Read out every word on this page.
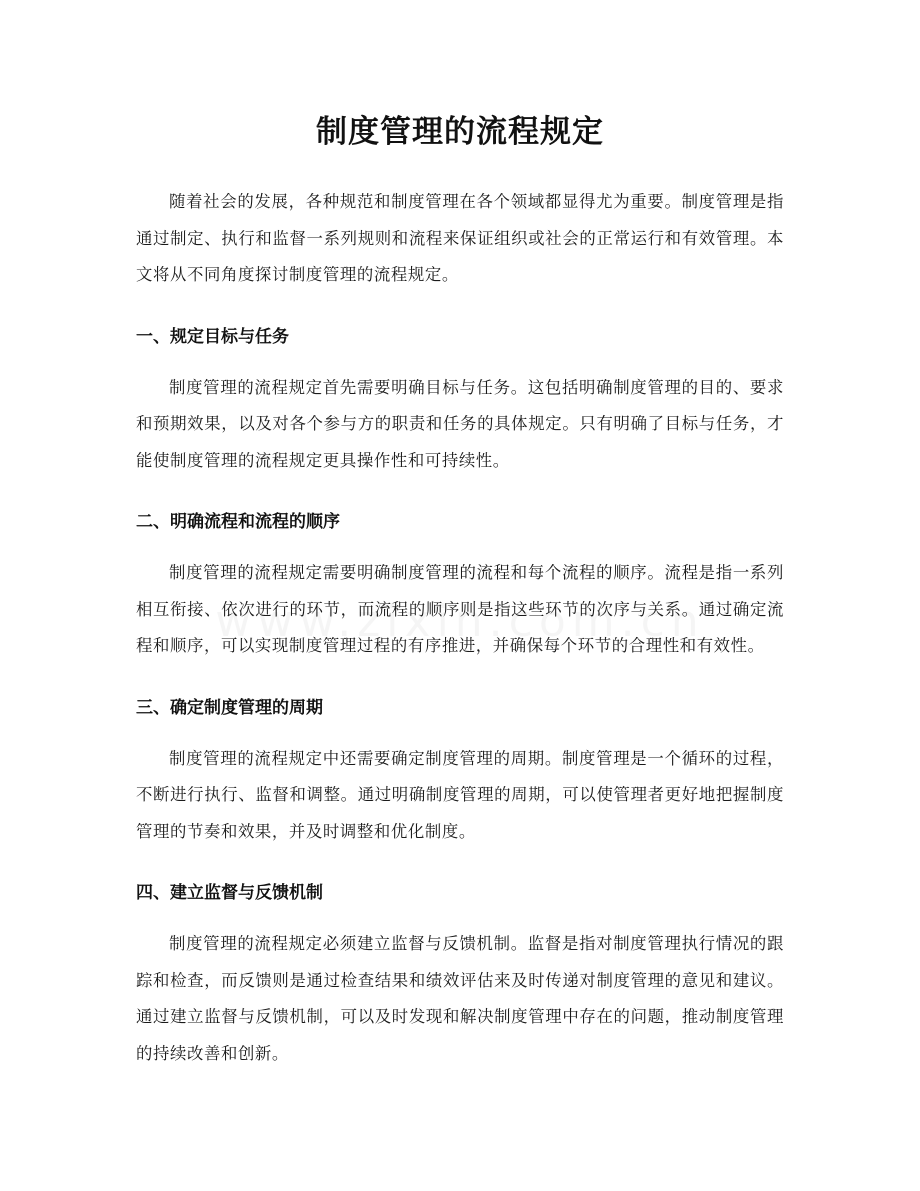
制度管理的流程规定

随着社会的发展，各种规范和制度管理在各个领域都显得尤为重要。制度管理是指通过制定、执行和监督一系列规则和流程来保证组织或社会的正常运行和有效管理。本文将从不同角度探讨制度管理的流程规定。

一、规定目标与任务

制度管理的流程规定首先需要明确目标与任务。这包括明确制度管理的目的、要求和预期效果，以及对各个参与方的职责和任务的具体规定。只有明确了目标与任务，才能使制度管理的流程规定更具操作性和可持续性。

二、明确流程和流程的顺序

制度管理的流程规定需要明确制度管理的流程和每个流程的顺序。流程是指一系列相互衔接、依次进行的环节，而流程的顺序则是指这些环节的次序与关系。通过确定流程和顺序，可以实现制度管理过程的有序推进，并确保每个环节的合理性和有效性。

三、确定制度管理的周期

制度管理的流程规定中还需要确定制度管理的周期。制度管理是一个循环的过程，不断进行执行、监督和调整。通过明确制度管理的周期，可以使管理者更好地把握制度管理的节奏和效果，并及时调整和优化制度。

四、建立监督与反馈机制

制度管理的流程规定必须建立监督与反馈机制。监督是指对制度管理执行情况的跟踪和检查，而反馈则是通过检查结果和绩效评估来及时传递对制度管理的意见和建议。通过建立监督与反馈机制，可以及时发现和解决制度管理中存在的问题，推动制度管理的持续改善和创新。
